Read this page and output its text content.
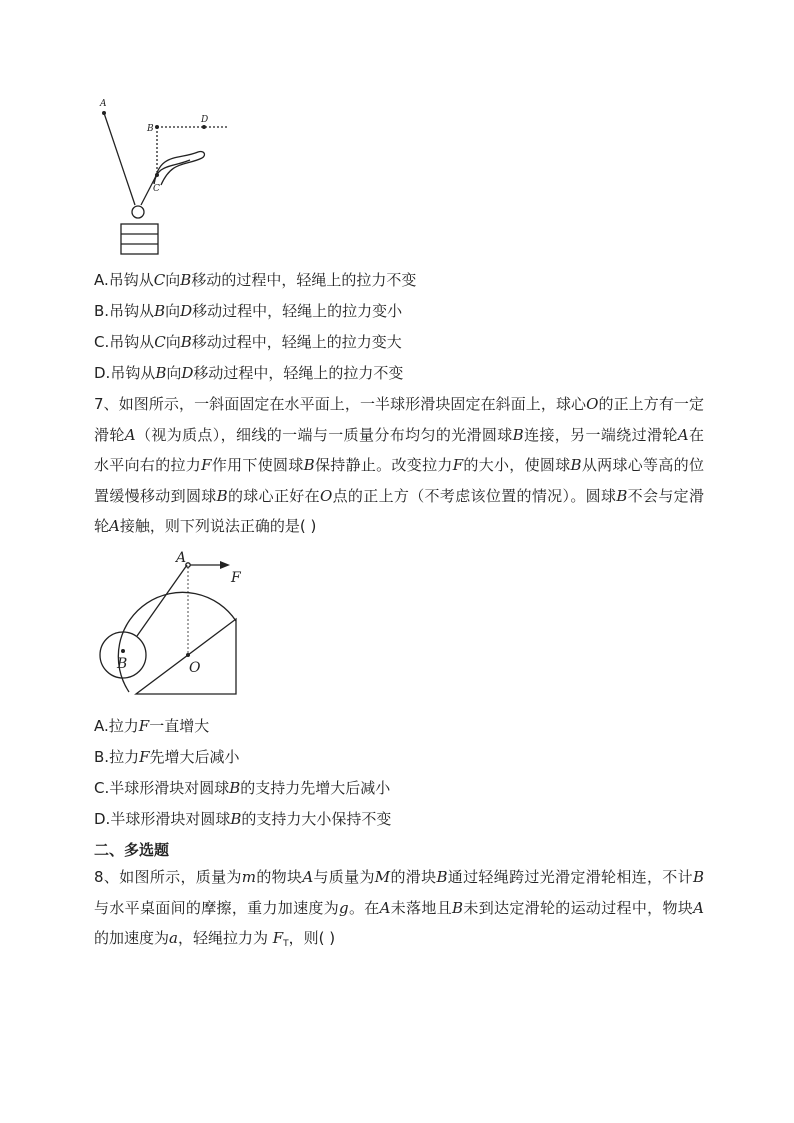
A
B
D
C
A.吊钩从C向B移动的过程中，轻绳上的拉力不变
B.吊钩从B向D移动过程中，轻绳上的拉力变小
C.吊钩从C向B移动过程中，轻绳上的拉力变大
D.吊钩从B向D移动过程中，轻绳上的拉力不变
7、如图所示，一斜面固定在水平面上，一半球形滑块固定在斜面上，球心O的正上方有一定滑轮A（视为质点），细线的一端与一质量分布均匀的光滑圆球B连接，另一端绕过滑轮A在水平向右的拉力F作用下使圆球B保持静止。改变拉力F的大小，使圆球B从两球心等高的位置缓慢移动到圆球B的球心正好在O点的正上方（不考虑该位置的情况）。圆球B不会与定滑轮A接触，则下列说法正确的是( )
A
F
B	O
A.拉力F一直增大
B.拉力F先增大后减小
C.半球形滑块对圆球B的支持力先增大后减小
D.半球形滑块对圆球B的支持力大小保持不变
二、多选题
8、如图所示，质量为m的物块A与质量为M的滑块B通过轻绳跨过光滑定滑轮相连，不计B与水平桌面间的摩擦，重力加速度为g。在A未落地且B未到达定滑轮的运动过程中，物块A的加速度为a，轻绳拉力为 $F_T$，则( )
